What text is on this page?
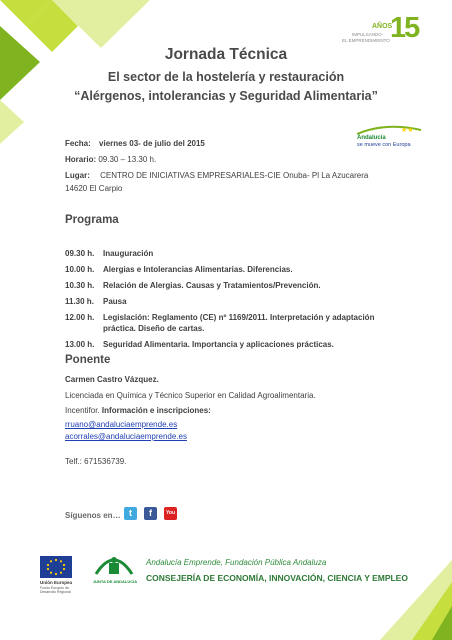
AÑOS
15
IMPULSANDO
EL EMPRENDIMIENTO
Jornada Técnica
El sector de la hostelería y restauración
“Alérgenos, intolerancias y Seguridad Alimentaria”
★★
Andalucía
se mueve con Europa
Fecha: viernes 03- de julio del 2015
Horario: 09.30 – 13.30 h.
Lugar: CENTRO DE INICIATIVAS EMPRESARIALES-CIE Onuba- Pl La Azucarera
14620 El Carpio
Programa
09.30 h.	Inauguración
10.00 h.	Alergias e Intolerancias Alimentarias. Diferencias.
10.30 h.	Relación de Alergias. Causas y Tratamientos/Prevención.
11.30 h.	Pausa
12.00 h.	Legislación: Reglamento (CE) nº 1169/2011. Interpretación y adaptación práctica. Diseño de cartas.
13.00 h.	Seguridad Alimentaria. Importancia y aplicaciones prácticas.
Ponente
Carmen Castro Vázquez.
Licenciada en Química y Técnico Superior en Calidad Agroalimentaria.
Incentifor. Información e inscripciones:
rruano@andaluciaemprende.es
acorrales@andaluciaemprende.es
Telf.: 671536739.
Síguenos en… t	f	You
Unión Europea
Fondo Europeo de Desarrollo Regional
JUNTA DE ANDALUCIA
Andalucía Emprende, Fundación Pública Andaluza
CONSEJERÍA DE ECONOMÍA, INNOVACIÓN, CIENCIA Y EMPLEO
